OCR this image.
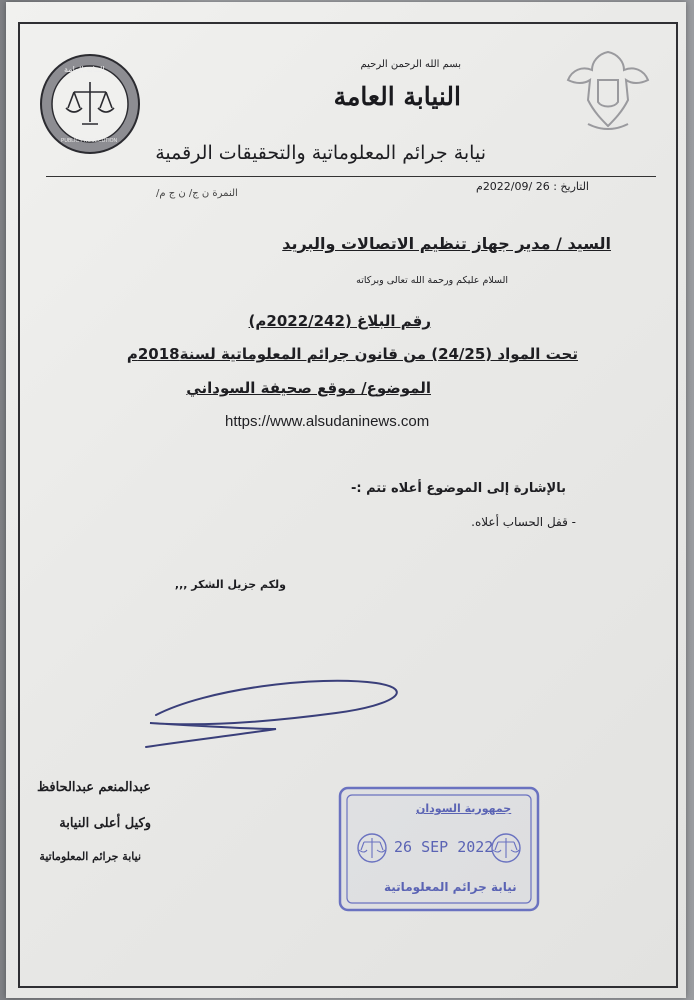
النيابة العامة
PUBLIC PROSECUTION
بسم الله الرحمن الرحيم
النيابة العامة
نيابة جرائم المعلوماتية والتحقيقات الرقمية
التاريخ : 26 /2022/09م
النمرة ن ج/ ن ج م/
السيد / مدير جهاز تنظيم الاتصالات والبريد
السلام عليكم ورحمة الله تعالى وبركاته
رقم البلاغ (2022/242م)
تحت المواد (24/25) من قانون جرائم المعلوماتية لسنة2018م
الموضوع/ موقع صحيفة السوداني
https://www.alsudaninews.com
بالإشارة إلى الموضوع أعلاه تتم :-
- قفل الحساب أعلاه.
ولكم جزيل الشكر ,,,
عبدالمنعم عبدالحافظ
وكيل أعلى النيابة
نيابة جرائم المعلوماتية
جمهورية السودان
26 SEP 2022
نيابة جرائم المعلوماتية
